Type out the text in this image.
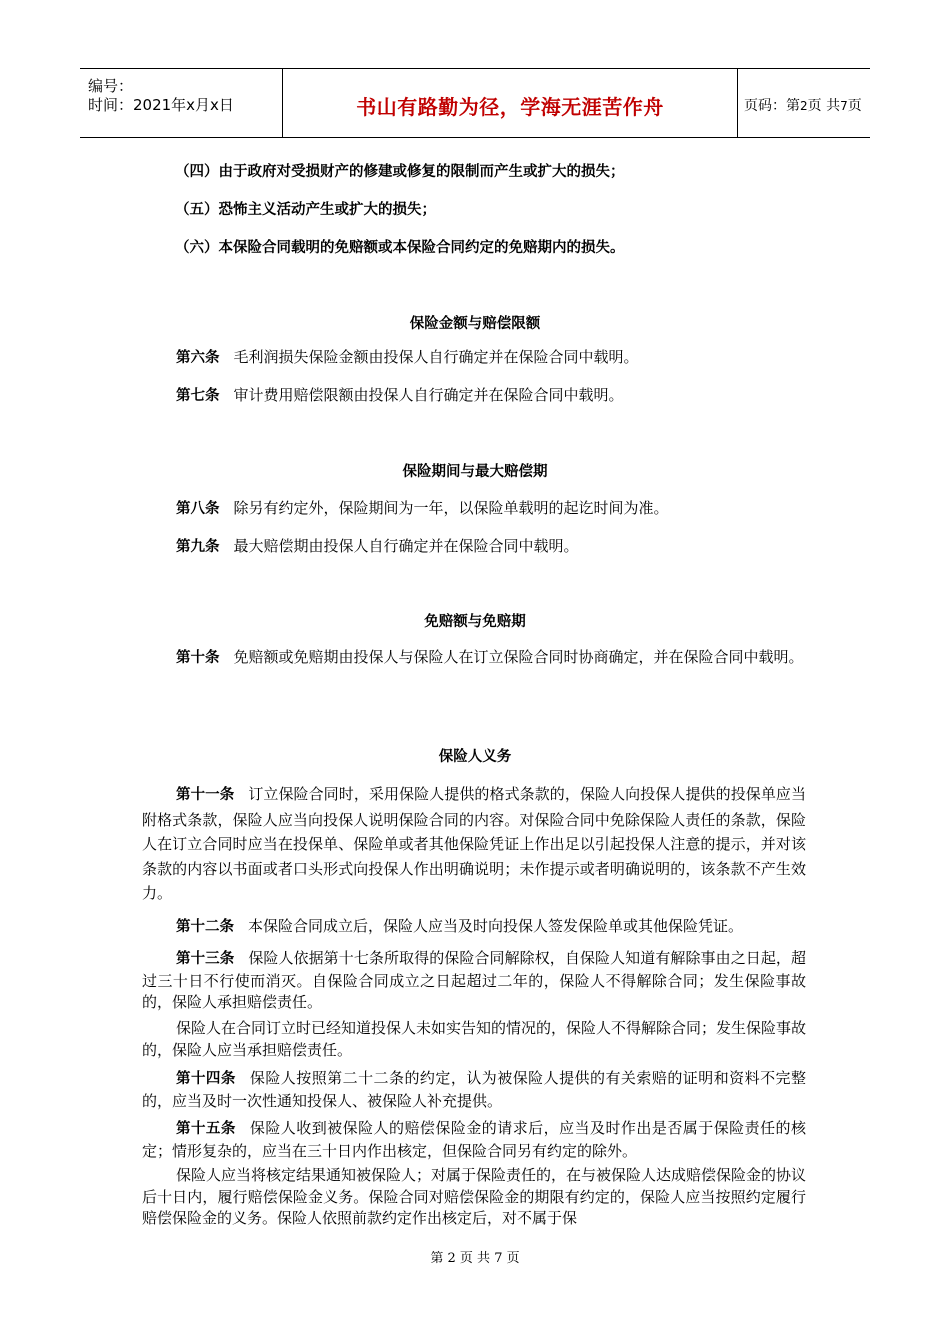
编号：
时间：2021年x月x日	书山有路勤为径，学海无涯苦作舟	页码：第2页 共7页
（四）由于政府对受损财产的修建或修复的限制而产生或扩大的损失；
（五）恐怖主义活动产生或扩大的损失；
（六）本保险合同载明的免赔额或本保险合同约定的免赔期内的损失。
保险金额与赔偿限额
第六条 毛利润损失保险金额由投保人自行确定并在保险合同中载明。
第七条 审计费用赔偿限额由投保人自行确定并在保险合同中载明。
保险期间与最大赔偿期
第八条 除另有约定外，保险期间为一年，以保险单载明的起讫时间为准。
第九条 最大赔偿期由投保人自行确定并在保险合同中载明。
免赔额与免赔期
第十条 免赔额或免赔期由投保人与保险人在订立保险合同时协商确定，并在保险合同中载明。
保险人义务
第十一条 订立保险合同时，采用保险人提供的格式条款的，保险人向投保人提供的投保单应当附格式条款，保险人应当向投保人说明保险合同的内容。对保险合同中免除保险人责任的条款，保险人在订立合同时应当在投保单、保险单或者其他保险凭证上作出足以引起投保人注意的提示，并对该条款的内容以书面或者口头形式向投保人作出明确说明；未作提示或者明确说明的，该条款不产生效力。
第十二条 本保险合同成立后，保险人应当及时向投保人签发保险单或其他保险凭证。
第十三条 保险人依据第十七条所取得的保险合同解除权，自保险人知道有解除事由之日起，超过三十日不行使而消灭。自保险合同成立之日起超过二年的，保险人不得解除合同；发生保险事故的，保险人承担赔偿责任。
保险人在合同订立时已经知道投保人未如实告知的情况的，保险人不得解除合同；发生保险事故的，保险人应当承担赔偿责任。
第十四条 保险人按照第二十二条的约定，认为被保险人提供的有关索赔的证明和资料不完整的，应当及时一次性通知投保人、被保险人补充提供。
第十五条 保险人收到被保险人的赔偿保险金的请求后，应当及时作出是否属于保险责任的核定；情形复杂的，应当在三十日内作出核定，但保险合同另有约定的除外。
保险人应当将核定结果通知被保险人；对属于保险责任的，在与被保险人达成赔偿保险金的协议后十日内，履行赔偿保险金义务。保险合同对赔偿保险金的期限有约定的，保险人应当按照约定履行赔偿保险金的义务。保险人依照前款约定作出核定后，对不属于保
第 2 页 共 7 页
